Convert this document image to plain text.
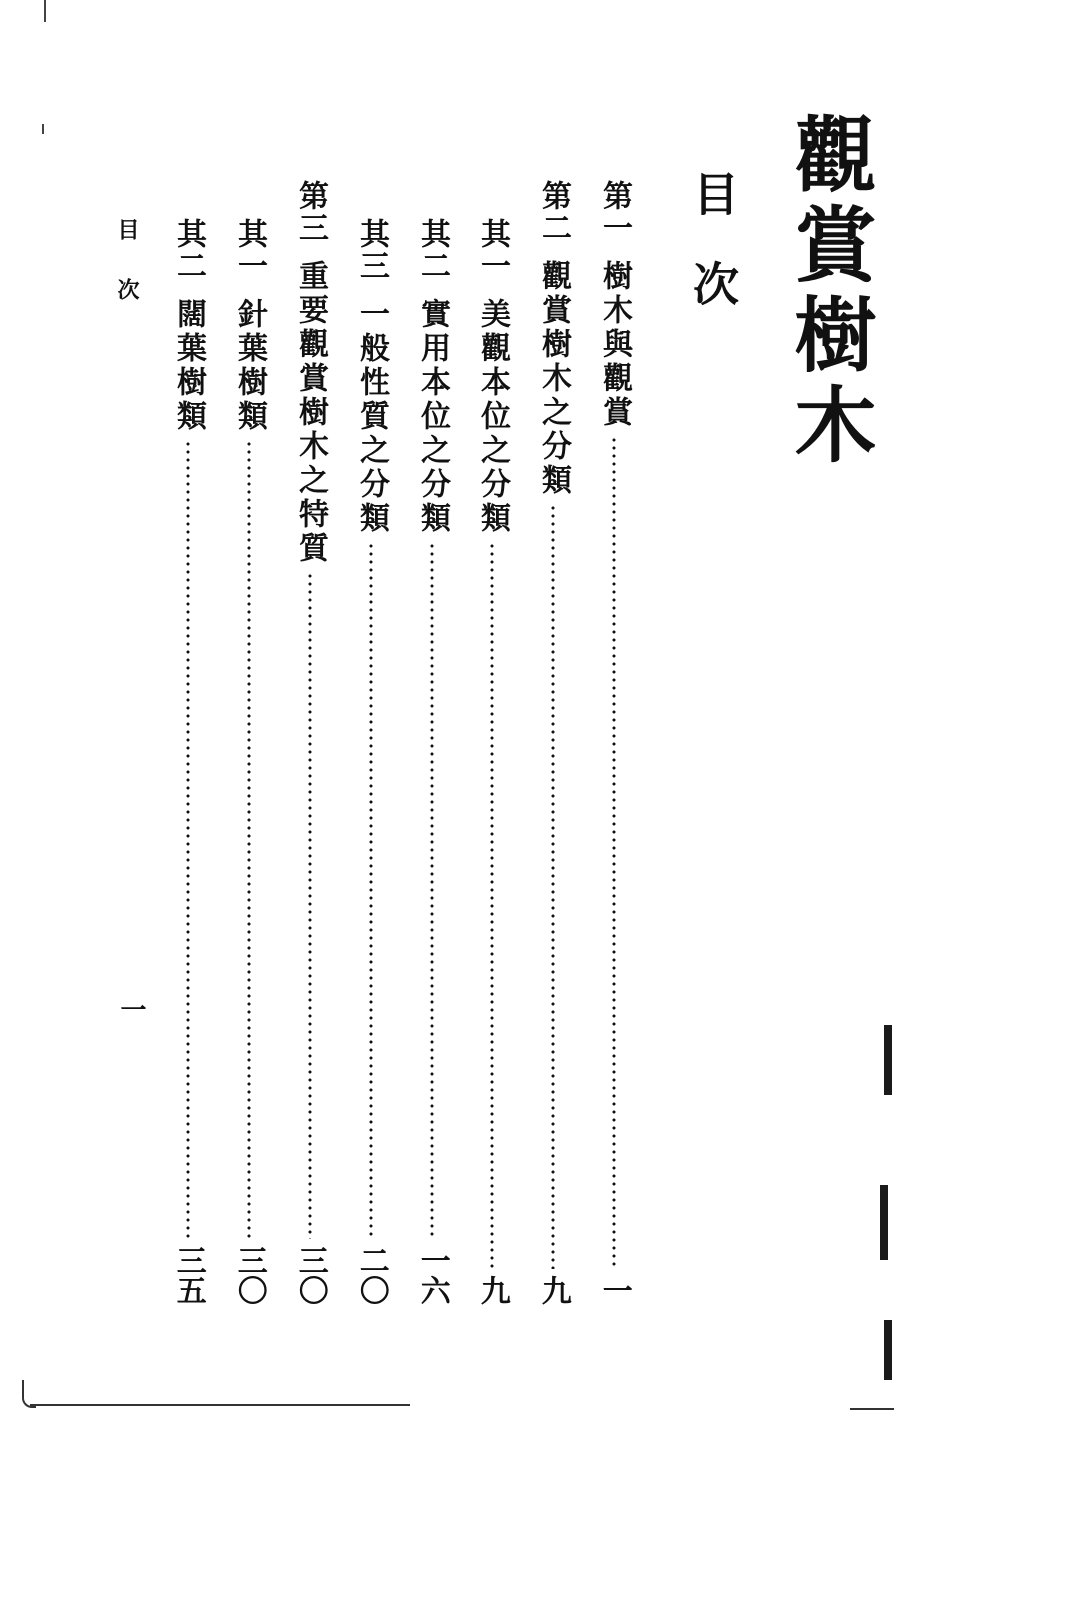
觀賞樹木
目次
第一
樹木與觀賞
一
第二
觀賞樹木之分類
九
其一
美觀本位之分類
九
其二
實用本位之分類
一六
其三
一般性質之分類
二〇
第三
重要觀賞樹木之特質
三〇
其一
針葉樹類
三〇
其二
闊葉樹類
三五
目次
一
